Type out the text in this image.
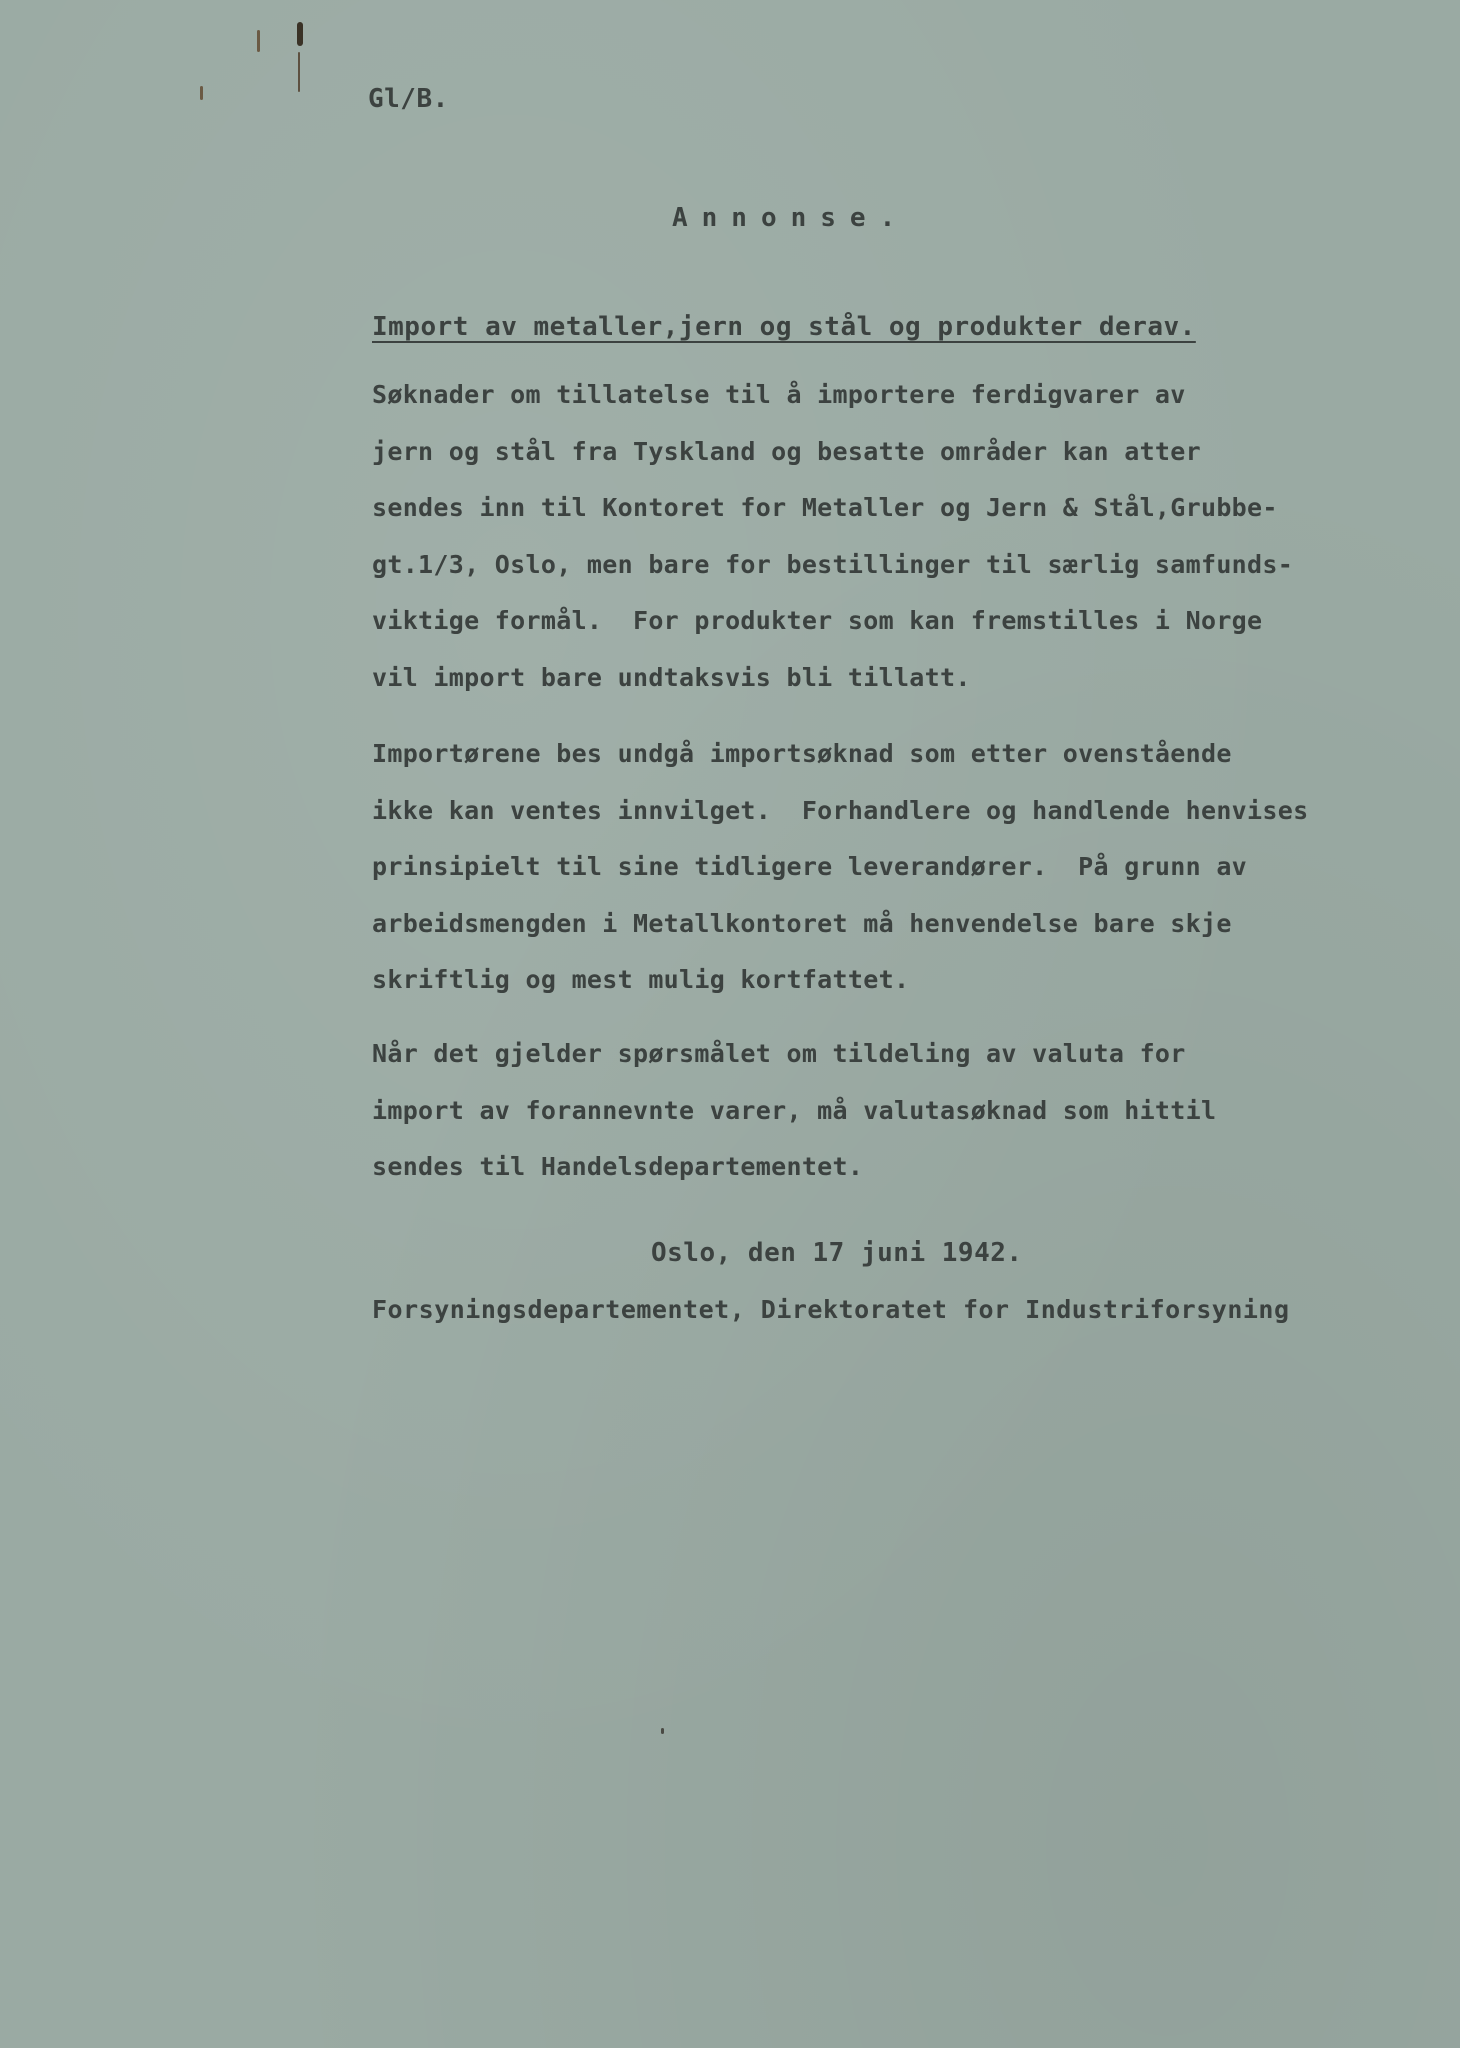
Gl/B.
Annonse.
Import av metaller,jern og stål og produkter derav.
Søknader om tillatelse til å importere ferdigvarer av
jern og stål fra Tyskland og besatte områder kan atter
sendes inn til Kontoret for Metaller og Jern & Stål,Grubbe-
gt.1/3, Oslo, men bare for bestillinger til særlig samfunds-
viktige formål.  For produkter som kan fremstilles i Norge
vil import bare undtaksvis bli tillatt.
Importørene bes undgå importsøknad som etter ovenstående
ikke kan ventes innvilget.  Forhandlere og handlende henvises
prinsipielt til sine tidligere leverandører.  På grunn av
arbeidsmengden i Metallkontoret må henvendelse bare skje
skriftlig og mest mulig kortfattet.
Når det gjelder spørsmålet om tildeling av valuta for
import av forannevnte varer, må valutasøknad som hittil
sendes til Handelsdepartementet.
Oslo, den 17 juni 1942.
Forsyningsdepartementet, Direktoratet for Industriforsyning
